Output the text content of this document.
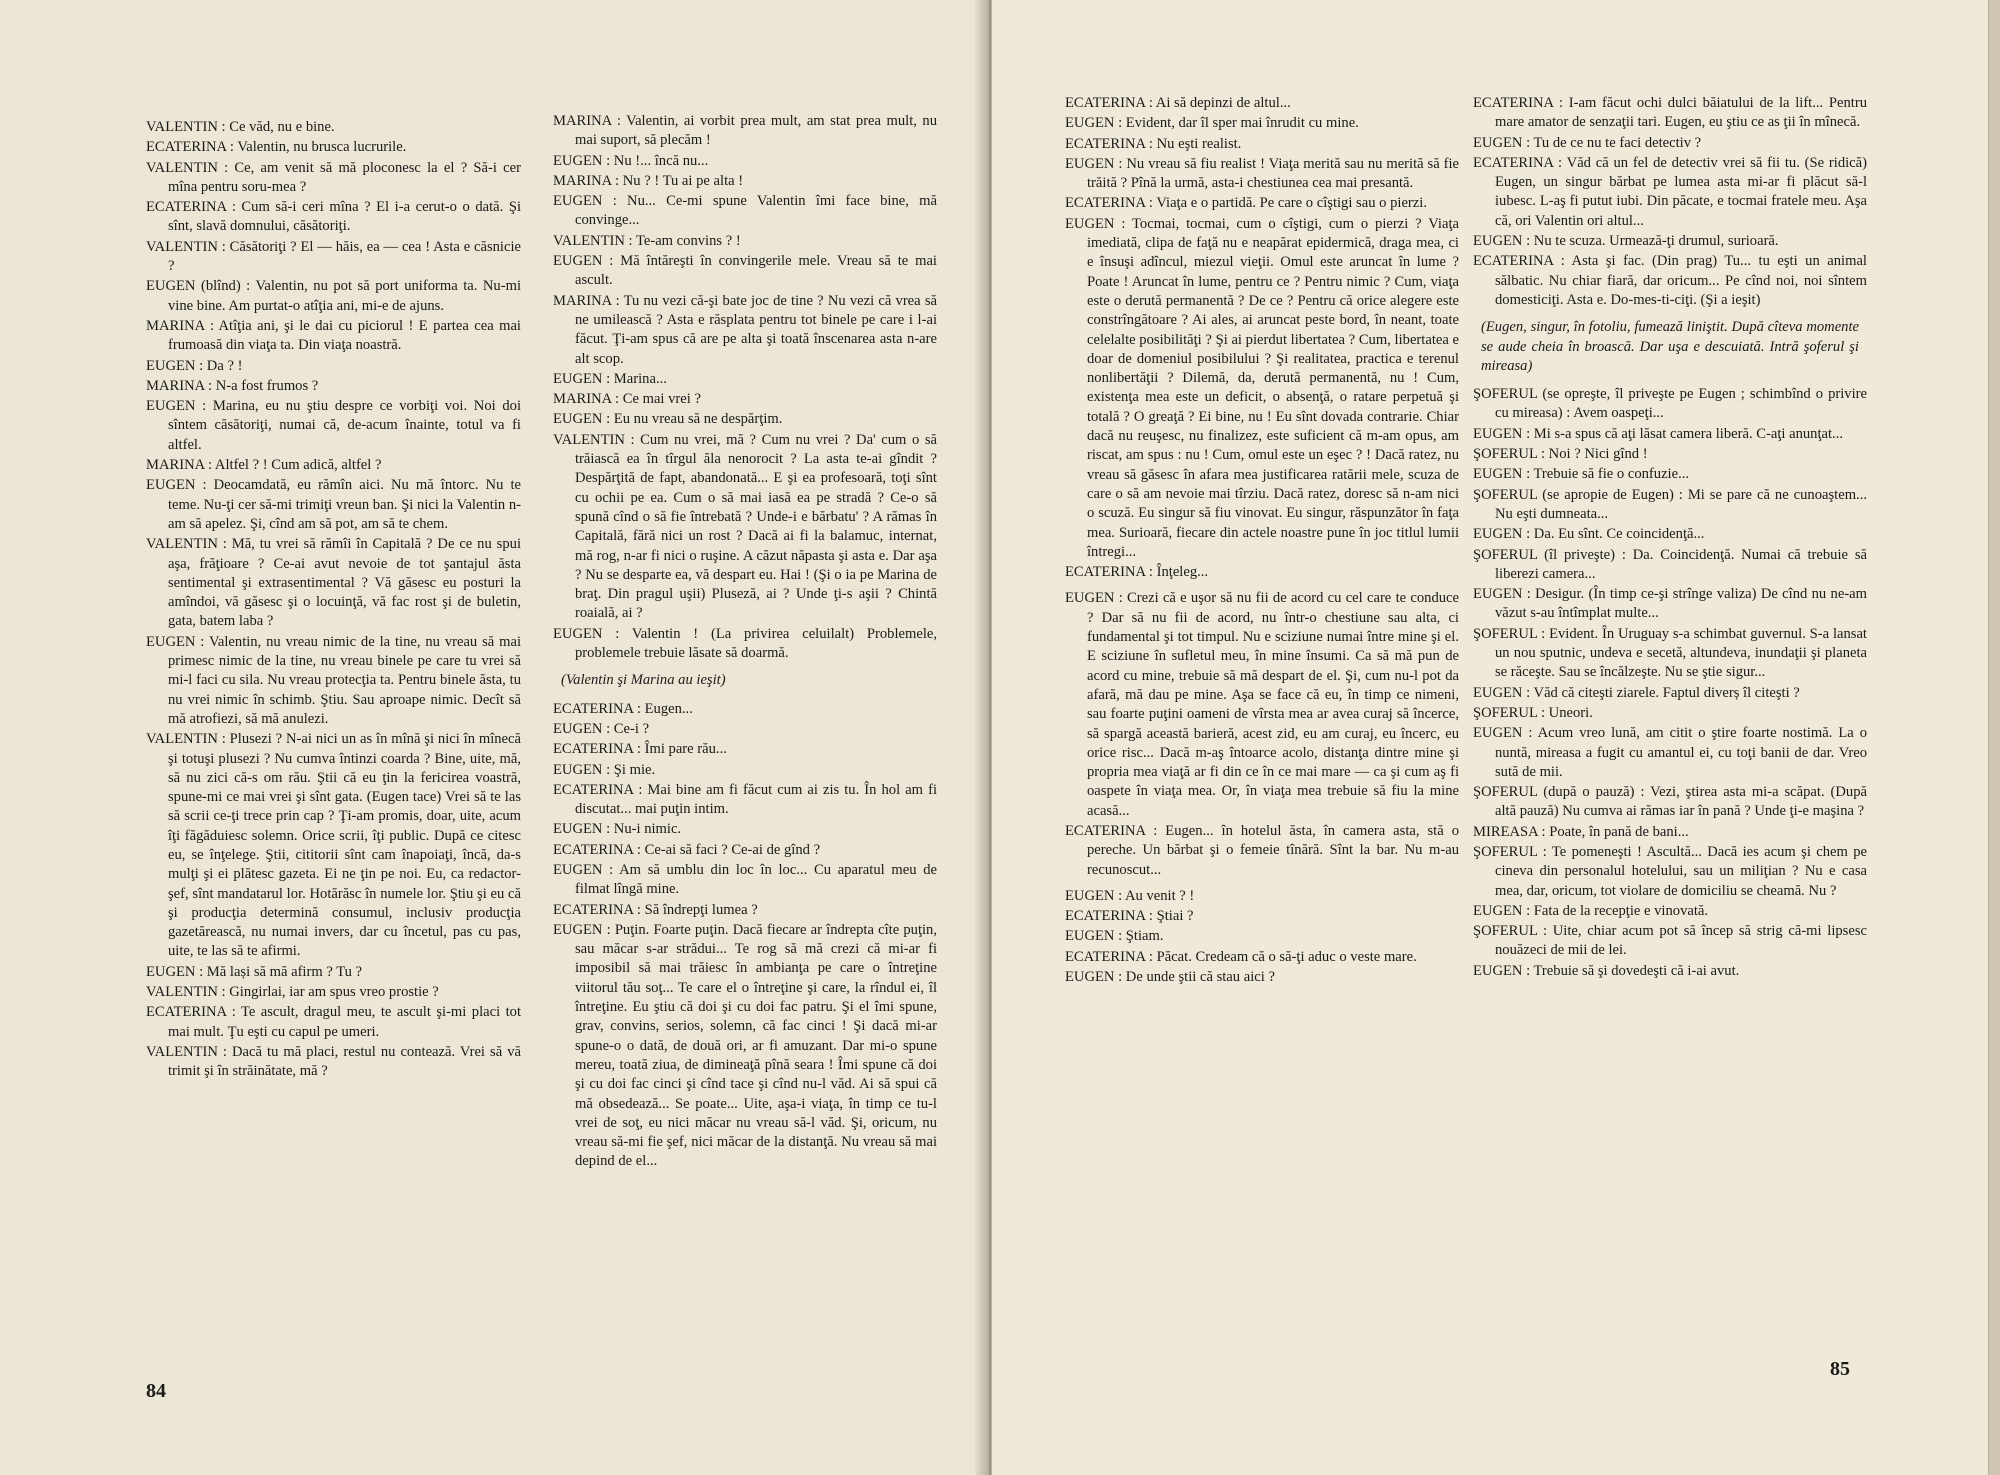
VALENTIN : Ce văd, nu e bine.

ECATERINA : Valentin, nu brusca lucrurile.

VALENTIN : Ce, am venit să mă ploconesc la el ? Să-i cer mîna pentru soru-mea ?

ECATERINA : Cum să-i ceri mîna ? El i-a cerut-o o dată. Şi sînt, slavă domnului, căsătoriţi.

VALENTIN : Căsătoriţi ? El — hăis, ea — cea ! Asta e căsnicie ?

EUGEN (blînd) : Valentin, nu pot să port uniforma ta. Nu-mi vine bine. Am purtat-o atîţia ani, mi-e de ajuns.

MARINA : Atîţia ani, şi le dai cu piciorul ! E partea cea mai frumoasă din viaţa ta. Din viaţa noastră.

EUGEN : Da ? !

MARINA : N-a fost frumos ?

EUGEN : Marina, eu nu ştiu despre ce vorbiţi voi. Noi doi sîntem căsătoriţi, numai că, de-acum înainte, totul va fi altfel.

MARINA : Altfel ? ! Cum adică, altfel ?

EUGEN : Deocamdată, eu rămîn aici. Nu mă întorc. Nu te teme. Nu-ţi cer să-mi trimiţi vreun ban. Şi nici la Valentin n-am să apelez. Şi, cînd am să pot, am să te chem.

VALENTIN : Mă, tu vrei să rămîi în Capitală ? De ce nu spui aşa, frăţioare ? Ce-ai avut nevoie de tot şantajul ăsta sentimental şi extrasentimental ? Vă găsesc eu posturi la amîndoi, vă găsesc şi o locuinţă, vă fac rost şi de buletin, gata, batem laba ?

EUGEN : Valentin, nu vreau nimic de la tine, nu vreau să mai primesc nimic de la tine, nu vreau binele pe care tu vrei să mi-l faci cu sila. Nu vreau protecţia ta. Pentru binele ăsta, tu nu vrei nimic în schimb. Ştiu. Sau aproape nimic. Decît să mă atrofiezi, să mă anulezi.

VALENTIN : Plusezi ? N-ai nici un as în mînă şi nici în mînecă şi totuşi plusezi ? Nu cumva întinzi coarda ? Bine, uite, mă, să nu zici că-s om rău. Ştii că eu ţin la fericirea voastră, spune-mi ce mai vrei şi sînt gata. (Eugen tace) Vrei să te las să scrii ce-ţi trece prin cap ? Ţi-am promis, doar, uite, acum îţi făgăduiesc solemn. Orice scrii, îţi public. După ce citesc eu, se înţelege. Ştii, cititorii sînt cam înapoiaţi, încă, da-s mulţi şi ei plătesc gazeta. Ei ne ţin pe noi. Eu, ca redactor-şef, sînt mandatarul lor. Hotărăsc în numele lor. Ştiu şi eu că şi producţia determină consumul, inclusiv producţia gazetărească, nu numai invers, dar cu încetul, pas cu pas, uite, te las să te afirmi.

EUGEN : Mă lași să mă afirm ? Tu ?

VALENTIN : Gingirlai, iar am spus vreo prostie ?

ECATERINA : Te ascult, dragul meu, te ascult şi-mi placi tot mai mult. Ţu eşti cu capul pe umeri.

VALENTIN : Dacă tu mă placi, restul nu contează. Vrei să vă trimit şi în străinătate, mă ?

MARINA : Valentin, ai vorbit prea mult, am stat prea mult, nu mai suport, să plecăm !

EUGEN : Nu !... încă nu...

MARINA : Nu ? ! Tu ai pe alta !

EUGEN : Nu... Ce-mi spune Valentin îmi face bine, mă convinge...

VALENTIN : Te-am convins ? !

EUGEN : Mă întăreşti în convingerile mele. Vreau să te mai ascult.

MARINA : Tu nu vezi că-şi bate joc de tine ? Nu vezi că vrea să ne umilească ? Asta e răsplata pentru tot binele pe care i l-ai făcut. Ţi-am spus că are pe alta şi toată înscenarea asta n-are alt scop.

EUGEN : Marina...

MARINA : Ce mai vrei ?

EUGEN : Eu nu vreau să ne despărţim.

VALENTIN : Cum nu vrei, mă ? Cum nu vrei ? Da' cum o să trăiască ea în tîrgul ăla nenorocit ? La asta te-ai gîndit ? Despărţită de fapt, abandonată... E şi ea profesoară, toţi sînt cu ochii pe ea. Cum o să mai iasă ea pe stradă ? Ce-o să spună cînd o să fie întrebată ? Unde-i e bărbatu' ? A rămas în Capitală, fără nici un rost ? Dacă ai fi la balamuc, internat, mă rog, n-ar fi nici o ruşine. A căzut năpasta şi asta e. Dar aşa ? Nu se desparte ea, vă despart eu. Hai ! (Şi o ia pe Marina de braţ. Din pragul uşii) Pluseză, ai ? Unde ţi-s aşii ? Chintă roaială, ai ?

EUGEN : Valentin ! (La privirea celuilalt) Problemele, problemele trebuie lăsate să doarmă.

(Valentin şi Marina au ieşit)

ECATERINA : Eugen...

EUGEN : Ce-i ?

ECATERINA : Îmi pare rău...

EUGEN : Şi mie.

ECATERINA : Mai bine am fi făcut cum ai zis tu. În hol am fi discutat... mai puţin intim.

EUGEN : Nu-i nimic.

ECATERINA : Ce-ai să faci ? Ce-ai de gînd ?

EUGEN : Am să umblu din loc în loc... Cu aparatul meu de filmat lîngă mine.

ECATERINA : Să îndrepţi lumea ?

EUGEN : Puţin. Foarte puţin. Dacă fiecare ar îndrepta cîte puţin, sau măcar s-ar strădui... Te rog să mă crezi că mi-ar fi imposibil să mai trăiesc în ambianţa pe care o întreţine viitorul tău soţ... Te care el o întreţine şi care, la rîndul ei, îl întreţine. Eu ştiu că doi şi cu doi fac patru. Şi el îmi spune, grav, convins, serios, solemn, că fac cinci ! Şi dacă mi-ar spune-o o dată, de două ori, ar fi amuzant. Dar mi-o spune mereu, toată ziua, de dimineaţă pînă seara ! Îmi spune că doi şi cu doi fac cinci şi cînd tace şi cînd nu-l văd. Ai să spui că mă obsedează... Se poate... Uite, aşa-i viaţa, în timp ce tu-l vrei de soţ, eu nici măcar nu vreau să-l văd. Şi, oricum, nu vreau să-mi fie şef, nici măcar de la distanţă. Nu vreau să mai depind de el...

84

ECATERINA : Ai să depinzi de altul...

EUGEN : Evident, dar îl sper mai înrudit cu mine.

ECATERINA : Nu eşti realist.

EUGEN : Nu vreau să fiu realist ! Viaţa merită sau nu merită să fie trăită ? Pînă la urmă, asta-i chestiunea cea mai presantă.

ECATERINA : Viaţa e o partidă. Pe care o cîştigi sau o pierzi.

EUGEN : Tocmai, tocmai, cum o cîştigi, cum o pierzi ? Viaţa imediată, clipa de faţă nu e neapărat epidermică, draga mea, ci e însuşi adîncul, miezul vieţii. Omul este aruncat în lume ? Poate ! Aruncat în lume, pentru ce ? Pentru nimic ? Cum, viaţa este o derută permanentă ? De ce ? Pentru că orice alegere este constrîngătoare ? Ai ales, ai aruncat peste bord, în neant, toate celelalte posibilităţi ? Şi ai pierdut libertatea ? Cum, libertatea e doar de domeniul posibilului ? Şi realitatea, practica e terenul nonlibertăţii ? Dilemă, da, derută permanentă, nu ! Cum, existenţa mea este un deficit, o absenţă, o ratare perpetuă şi totală ? O greaţă ? Ei bine, nu ! Eu sînt dovada contrarie. Chiar dacă nu reuşesc, nu finalizez, este suficient că m-am opus, am riscat, am spus : nu ! Cum, omul este un eşec ? ! Dacă ratez, nu vreau să găsesc în afara mea justificarea ratării mele, scuza de care o să am nevoie mai tîrziu. Dacă ratez, doresc să n-am nici o scuză. Eu singur să fiu vinovat. Eu singur, răspunzător în faţa mea. Surioară, fiecare din actele noastre pune în joc titlul lumii întregi...

ECATERINA : Înţeleg...

EUGEN : Crezi că e uşor să nu fii de acord cu cel care te conduce ? Dar să nu fii de acord, nu într-o chestiune sau alta, ci fundamental şi tot timpul. Nu e sciziune numai între mine şi el. E sciziune în sufletul meu, în mine însumi. Ca să mă pun de acord cu mine, trebuie să mă despart de el. Şi, cum nu-l pot da afară, mă dau pe mine. Aşa se face că eu, în timp ce nimeni, sau foarte puţini oameni de vîrsta mea ar avea curaj să încerce, să spargă această barieră, acest zid, eu am curaj, eu încerc, eu orice risc... Dacă m-aş întoarce acolo, distanţa dintre mine şi propria mea viaţă ar fi din ce în ce mai mare — ca şi cum aş fi oaspete în viaţa mea. Or, în viaţa mea trebuie să fiu la mine acasă...

ECATERINA : Eugen... în hotelul ăsta, în camera asta, stă o pereche. Un bărbat şi o femeie tînără. Sînt la bar. Nu m-au recunoscut...

EUGEN : Au venit ? !

ECATERINA : Ştiai ?

EUGEN : Ştiam.

ECATERINA : Păcat. Credeam că o să-ţi aduc o veste mare.

EUGEN : De unde ştii că stau aici ?

ECATERINA : I-am făcut ochi dulci băiatului de la lift... Pentru mare amator de senzaţii tari. Eugen, eu ştiu ce as ţii în mînecă.

EUGEN : Tu de ce nu te faci detectiv ?

ECATERINA : Văd că un fel de detectiv vrei să fii tu. (Se ridică) Eugen, un singur bărbat pe lumea asta mi-ar fi plăcut să-l iubesc. L-aş fi putut iubi. Din păcate, e tocmai fratele meu. Aşa că, ori Valentin ori altul...

EUGEN : Nu te scuza. Urmează-ţi drumul, surioară.

ECATERINA : Asta şi fac. (Din prag) Tu... tu eşti un animal sălbatic. Nu chiar fiară, dar oricum... Pe cînd noi, noi sîntem domesticiţi. Asta e. Do-mes-ti-ciţi. (Şi a ieşit)

(Eugen, singur, în fotoliu, fumează liniştit. După cîteva momente se aude cheia în broască. Dar uşa e descuiată. Intră şoferul şi mireasa)

ŞOFERUL (se opreşte, îl priveşte pe Eugen ; schimbînd o privire cu mireasa) : Avem oaspeţi...

EUGEN : Mi s-a spus că aţi lăsat camera liberă. C-aţi anunţat...

ŞOFERUL : Noi ? Nici gînd !

EUGEN : Trebuie să fie o confuzie...

ŞOFERUL (se apropie de Eugen) : Mi se pare că ne cunoaştem... Nu eşti dumneata...

EUGEN : Da. Eu sînt. Ce coincidenţă...

ŞOFERUL (îl priveşte) : Da. Coincidenţă. Numai că trebuie să liberezi camera...

EUGEN : Desigur. (În timp ce-şi strînge valiza) De cînd nu ne-am văzut s-au întîmplat multe...

ŞOFERUL : Evident. În Uruguay s-a schimbat guvernul. S-a lansat un nou sputnic, undeva e secetă, altundeva, inundaţii şi planeta se răceşte. Sau se încălzeşte. Nu se ştie sigur...

EUGEN : Văd că citeşti ziarele. Faptul diverș îl citeşti ?

ŞOFERUL : Uneori.

EUGEN : Acum vreo lună, am citit o ştire foarte nostimă. La o nuntă, mireasa a fugit cu amantul ei, cu toţi banii de dar. Vreo sută de mii.

ŞOFERUL (după o pauză) : Vezi, ştirea asta mi-a scăpat. (După altă pauză) Nu cumva ai rămas iar în pană ? Unde ţi-e maşina ?

MIREASA : Poate, în pană de bani...

ŞOFERUL : Te pomeneşti ! Ascultă... Dacă ies acum şi chem pe cineva din personalul hotelului, sau un miliţian ? Nu e casa mea, dar, oricum, tot violare de domiciliu se cheamă. Nu ?

EUGEN : Fata de la recepţie e vinovată.

ŞOFERUL : Uite, chiar acum pot să încep să strig că-mi lipsesc nouăzeci de mii de lei.

EUGEN : Trebuie să şi dovedeşti că i-ai avut.

85
